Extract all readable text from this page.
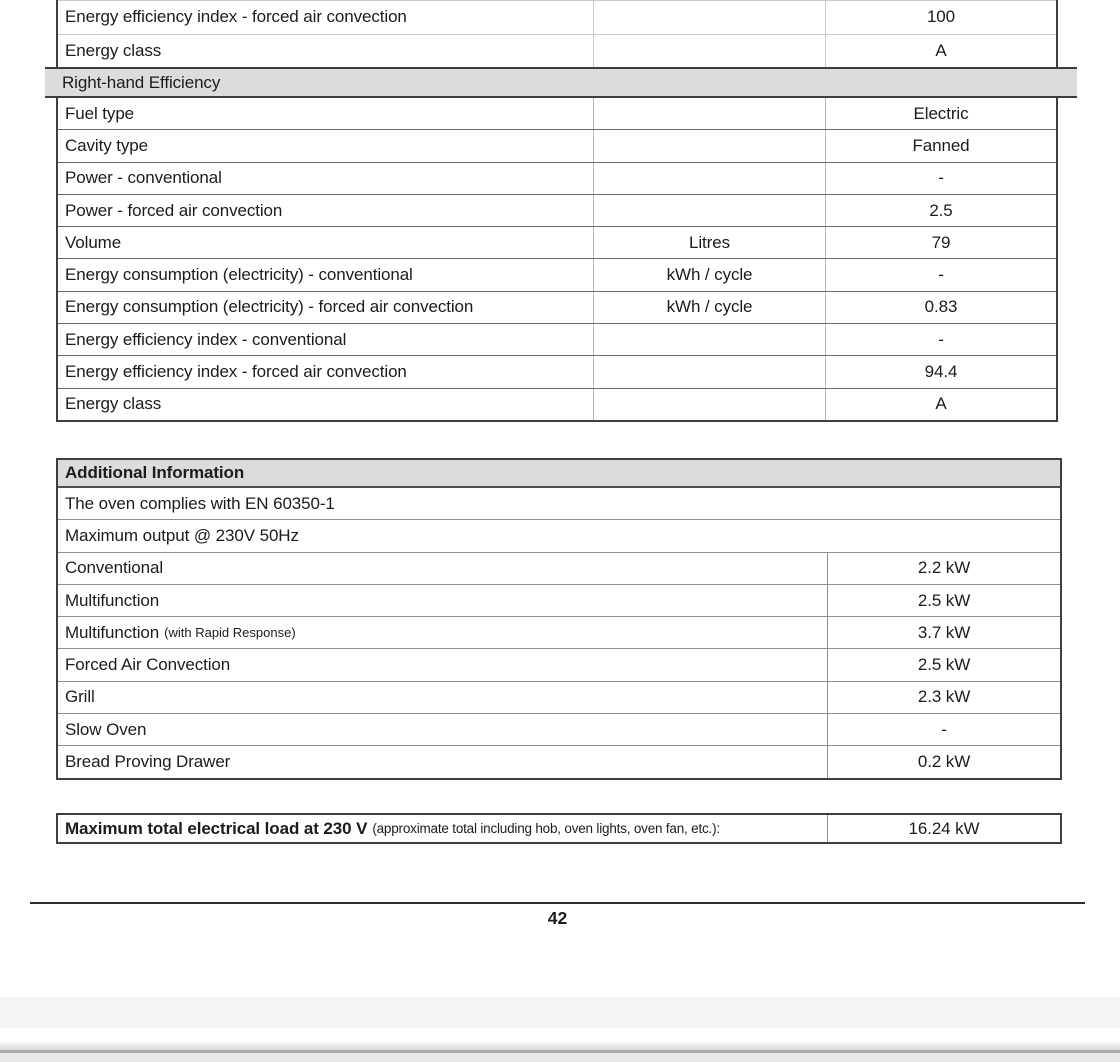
Energy efficiency index - forced air convection	100
Energy class	A
Right-hand Efficiency
Fuel type	Electric
Cavity type	Fanned
Power - conventional	-
Power - forced air convection	2.5
Volume	Litres	79
Energy consumption (electricity) - conventional	kWh / cycle	-
Energy consumption (electricity) - forced air convection	kWh / cycle	0.83
Energy efficiency index - conventional	-
Energy efficiency index - forced air convection	94.4
Energy class	A
Additional Information
The oven complies with EN 60350-1
Maximum output @ 230V 50Hz
Conventional	2.2 kW
Multifunction	2.5 kW
Multifunction (with Rapid Response)	3.7 kW
Forced Air Convection	2.5 kW
Grill	2.3 kW
Slow Oven	-
Bread Proving Drawer	0.2 kW
Maximum total electrical load at 230 V (approximate total including hob, oven lights, oven fan, etc.):	16.24 kW
42
